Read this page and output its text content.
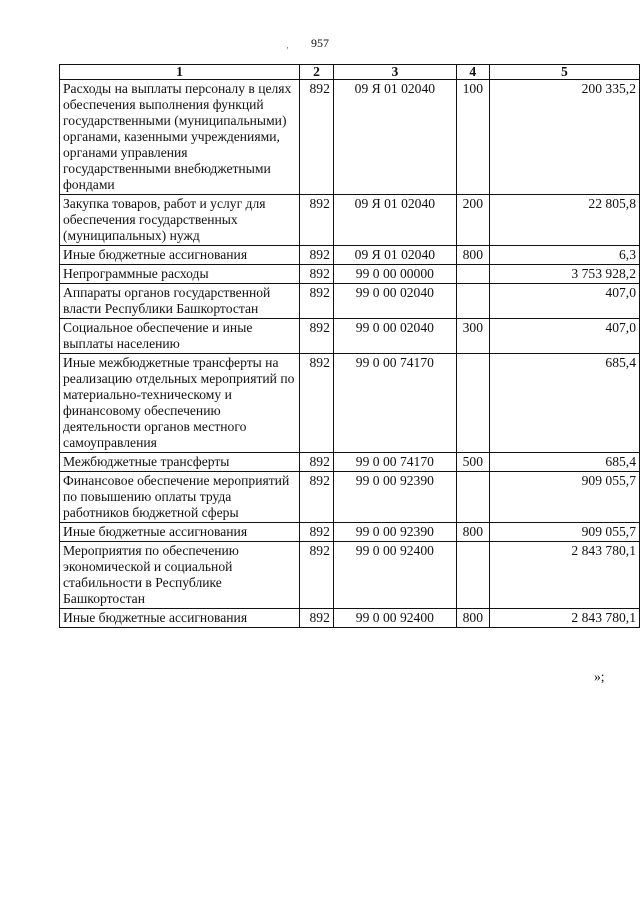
‚	957
1	2	3	4	5
Расходы на выплаты персоналу в целях обеспечения выполнения функций государственными (муниципальными) органами, казенными учреждениями, органами управления государственными внебюджетными фондами	892	09 Я 01 02040	100	200 335,2
Закупка товаров, работ и услуг для обеспечения государственных (муниципальных) нужд	892	09 Я 01 02040	200	22 805,8
Иные бюджетные ассигнования	892	09 Я 01 02040	800	6,3
Непрограммные расходы	892	99 0 00 00000		3 753 928,2
Аппараты органов государственной власти Республики Башкортостан	892	99 0 00 02040		407,0
Социальное обеспечение и иные выплаты населению	892	99 0 00 02040	300	407,0
Иные межбюджетные трансферты на реализацию отдельных мероприятий по материально-техническому и финансовому обеспечению деятельности органов местного самоуправления	892	99 0 00 74170		685,4
Межбюджетные трансферты	892	99 0 00 74170	500	685,4
Финансовое обеспечение мероприятий по повышению оплаты труда работников бюджетной сферы	892	99 0 00 92390		909 055,7
Иные бюджетные ассигнования	892	99 0 00 92390	800	909 055,7
Мероприятия по обеспечению экономической и социальной стабильности в Республике Башкортостан	892	99 0 00 92400		2 843 780,1
Иные бюджетные ассигнования	892	99 0 00 92400	800	2 843 780,1
»;
